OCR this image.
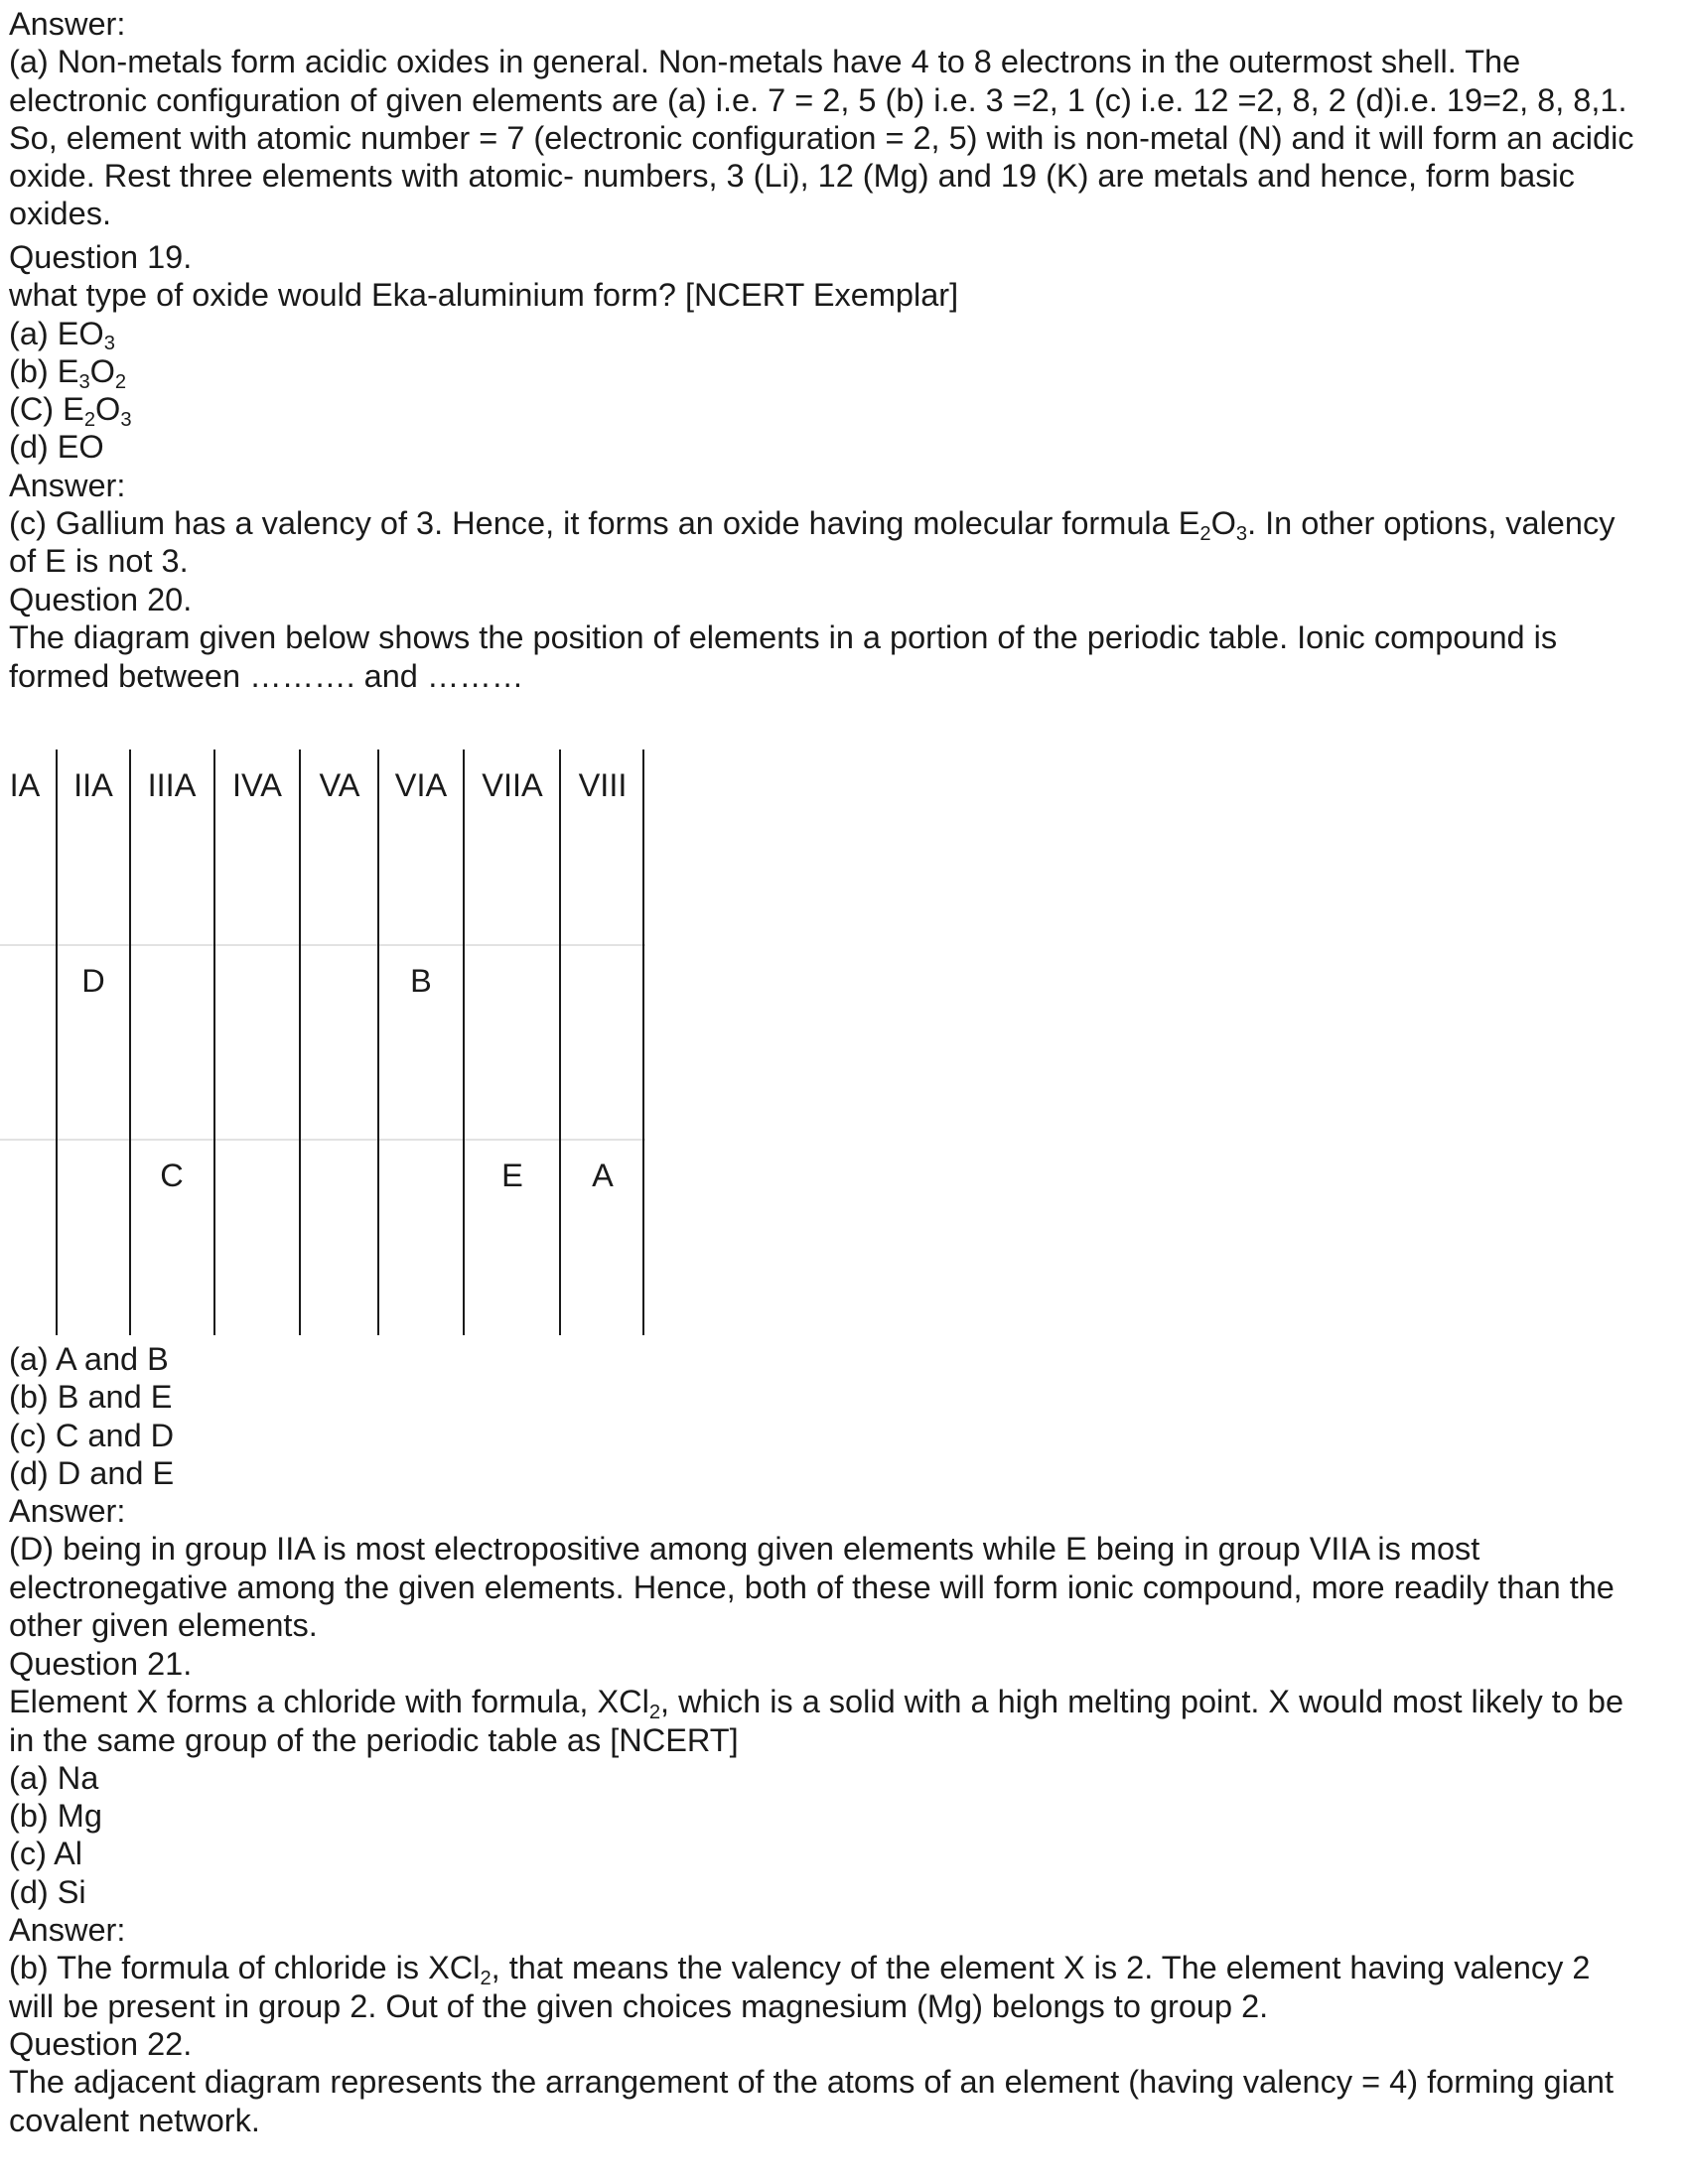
Answer:
(a) Non-metals form acidic oxides in general. Non-metals have 4 to 8 electrons in the outermost shell. The
electronic configuration of given elements are (a) i.e. 7 = 2, 5 (b) i.e. 3 =2, 1 (c) i.e. 12 =2, 8, 2 (d)i.e. 19=2, 8, 8,1.
So, element with atomic number = 7 (electronic configuration = 2, 5) with is non-metal (N) and it will form an acidic
oxide. Rest three elements with atomic- numbers, 3 (Li), 12 (Mg) and 19 (K) are metals and hence, form basic
oxides.
Question 19.
what type of oxide would Eka-aluminium form? [NCERT Exemplar]
(a) $EO_3$
(b) $E_3O_2$
(C) $E_2O_3$
(d) EO
Answer:
(c) Gallium has a valency of 3. Hence, it forms an oxide having molecular formula $E_2O_3$. In other options, valency
of E is not 3.
Question 20.
The diagram given below shows the position of elements in a portion of the periodic table. Ionic compound is
formed between ………. and ………
IA IIA IIIA IVA VA VIA VIIA VIII
D	B
C	E A
(a) A and B
(b) B and E
(c) C and D
(d) D and E
Answer:
(D) being in group IIA is most electropositive among given elements while E being in group VIIA is most
electronegative among the given elements. Hence, both of these will form ionic compound, more readily than the
other given elements.
Question 21.
Element X forms a chloride with formula, XCl$_2$, which is a solid with a high melting point. X would most likely to be
in the same group of the periodic table as [NCERT]
(a) Na
(b) Mg
(c) Al
(d) Si
Answer:
(b) The formula of chloride is XCl$_2$, that means the valency of the element X is 2. The element having valency 2
will be present in group 2. Out of the given choices magnesium (Mg) belongs to group 2.
Question 22.
The adjacent diagram represents the arrangement of the atoms of an element (having valency = 4) forming giant
covalent network.
